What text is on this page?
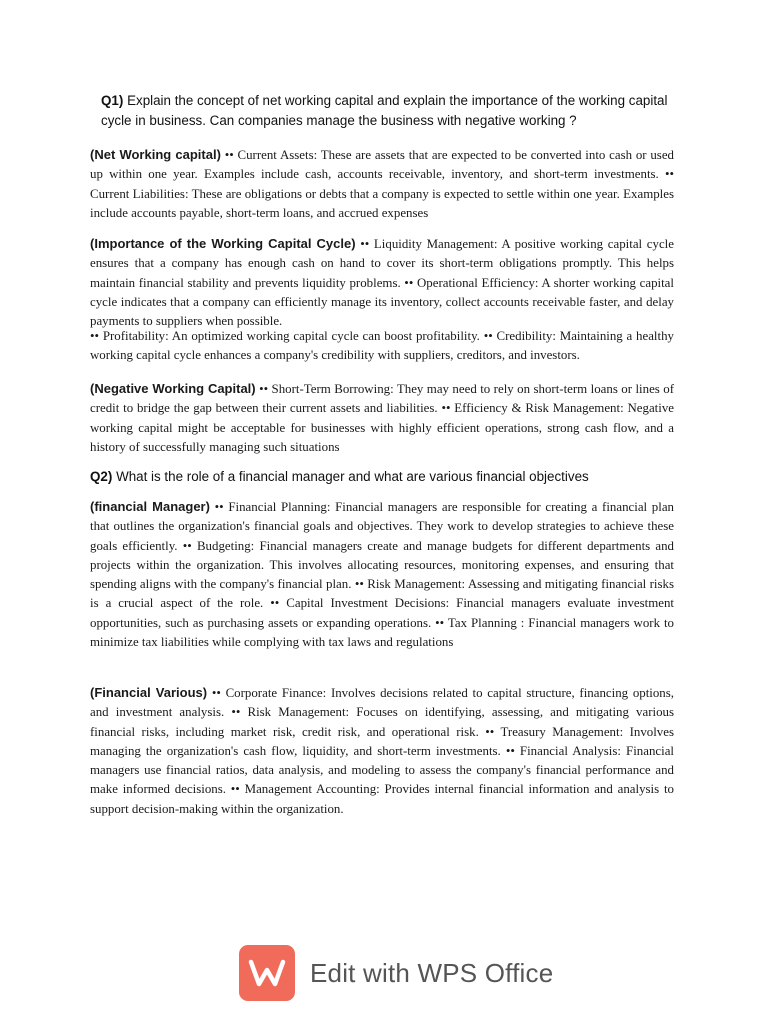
Q1) Explain the concept of net working capital and explain the importance of the working capital cycle in business. Can companies manage the business with negative working ?
(Net Working capital) •• Current Assets: These are assets that are expected to be converted into cash or used up within one year. Examples include cash, accounts receivable, inventory, and short-term investments. •• Current Liabilities: These are obligations or debts that a company is expected to settle within one year. Examples include accounts payable, short-term loans, and accrued expenses
(Importance of the Working Capital Cycle) •• Liquidity Management: A positive working capital cycle ensures that a company has enough cash on hand to cover its short-term obligations promptly. This helps maintain financial stability and prevents liquidity problems. •• Operational Efficiency: A shorter working capital cycle indicates that a company can efficiently manage its inventory, collect accounts receivable faster, and delay payments to suppliers when possible.
•• Profitability: An optimized working capital cycle can boost profitability. •• Credibility: Maintaining a healthy working capital cycle enhances a company's credibility with suppliers, creditors, and investors.
(Negative Working Capital) •• Short-Term Borrowing: They may need to rely on short-term loans or lines of credit to bridge the gap between their current assets and liabilities. •• Efficiency & Risk Management: Negative working capital might be acceptable for businesses with highly efficient operations, strong cash flow, and a history of successfully managing such situations
Q2) What is the role of a financial manager and what are various financial objectives
(financial Manager) •• Financial Planning: Financial managers are responsible for creating a financial plan that outlines the organization's financial goals and objectives. They work to develop strategies to achieve these goals efficiently. •• Budgeting: Financial managers create and manage budgets for different departments and projects within the organization. This involves allocating resources, monitoring expenses, and ensuring that spending aligns with the company's financial plan. •• Risk Management: Assessing and mitigating financial risks is a crucial aspect of the role. •• Capital Investment Decisions: Financial managers evaluate investment opportunities, such as purchasing assets or expanding operations. •• Tax Planning : Financial managers work to minimize tax liabilities while complying with tax laws and regulations
(Financial Various) •• Corporate Finance: Involves decisions related to capital structure, financing options, and investment analysis. •• Risk Management: Focuses on identifying, assessing, and mitigating various financial risks, including market risk, credit risk, and operational risk. •• Treasury Management: Involves managing the organization's cash flow, liquidity, and short-term investments. •• Financial Analysis: Financial managers use financial ratios, data analysis, and modeling to assess the company's financial performance and make informed decisions. •• Management Accounting: Provides internal financial information and analysis to support decision-making within the organization.
Edit with WPS Office
